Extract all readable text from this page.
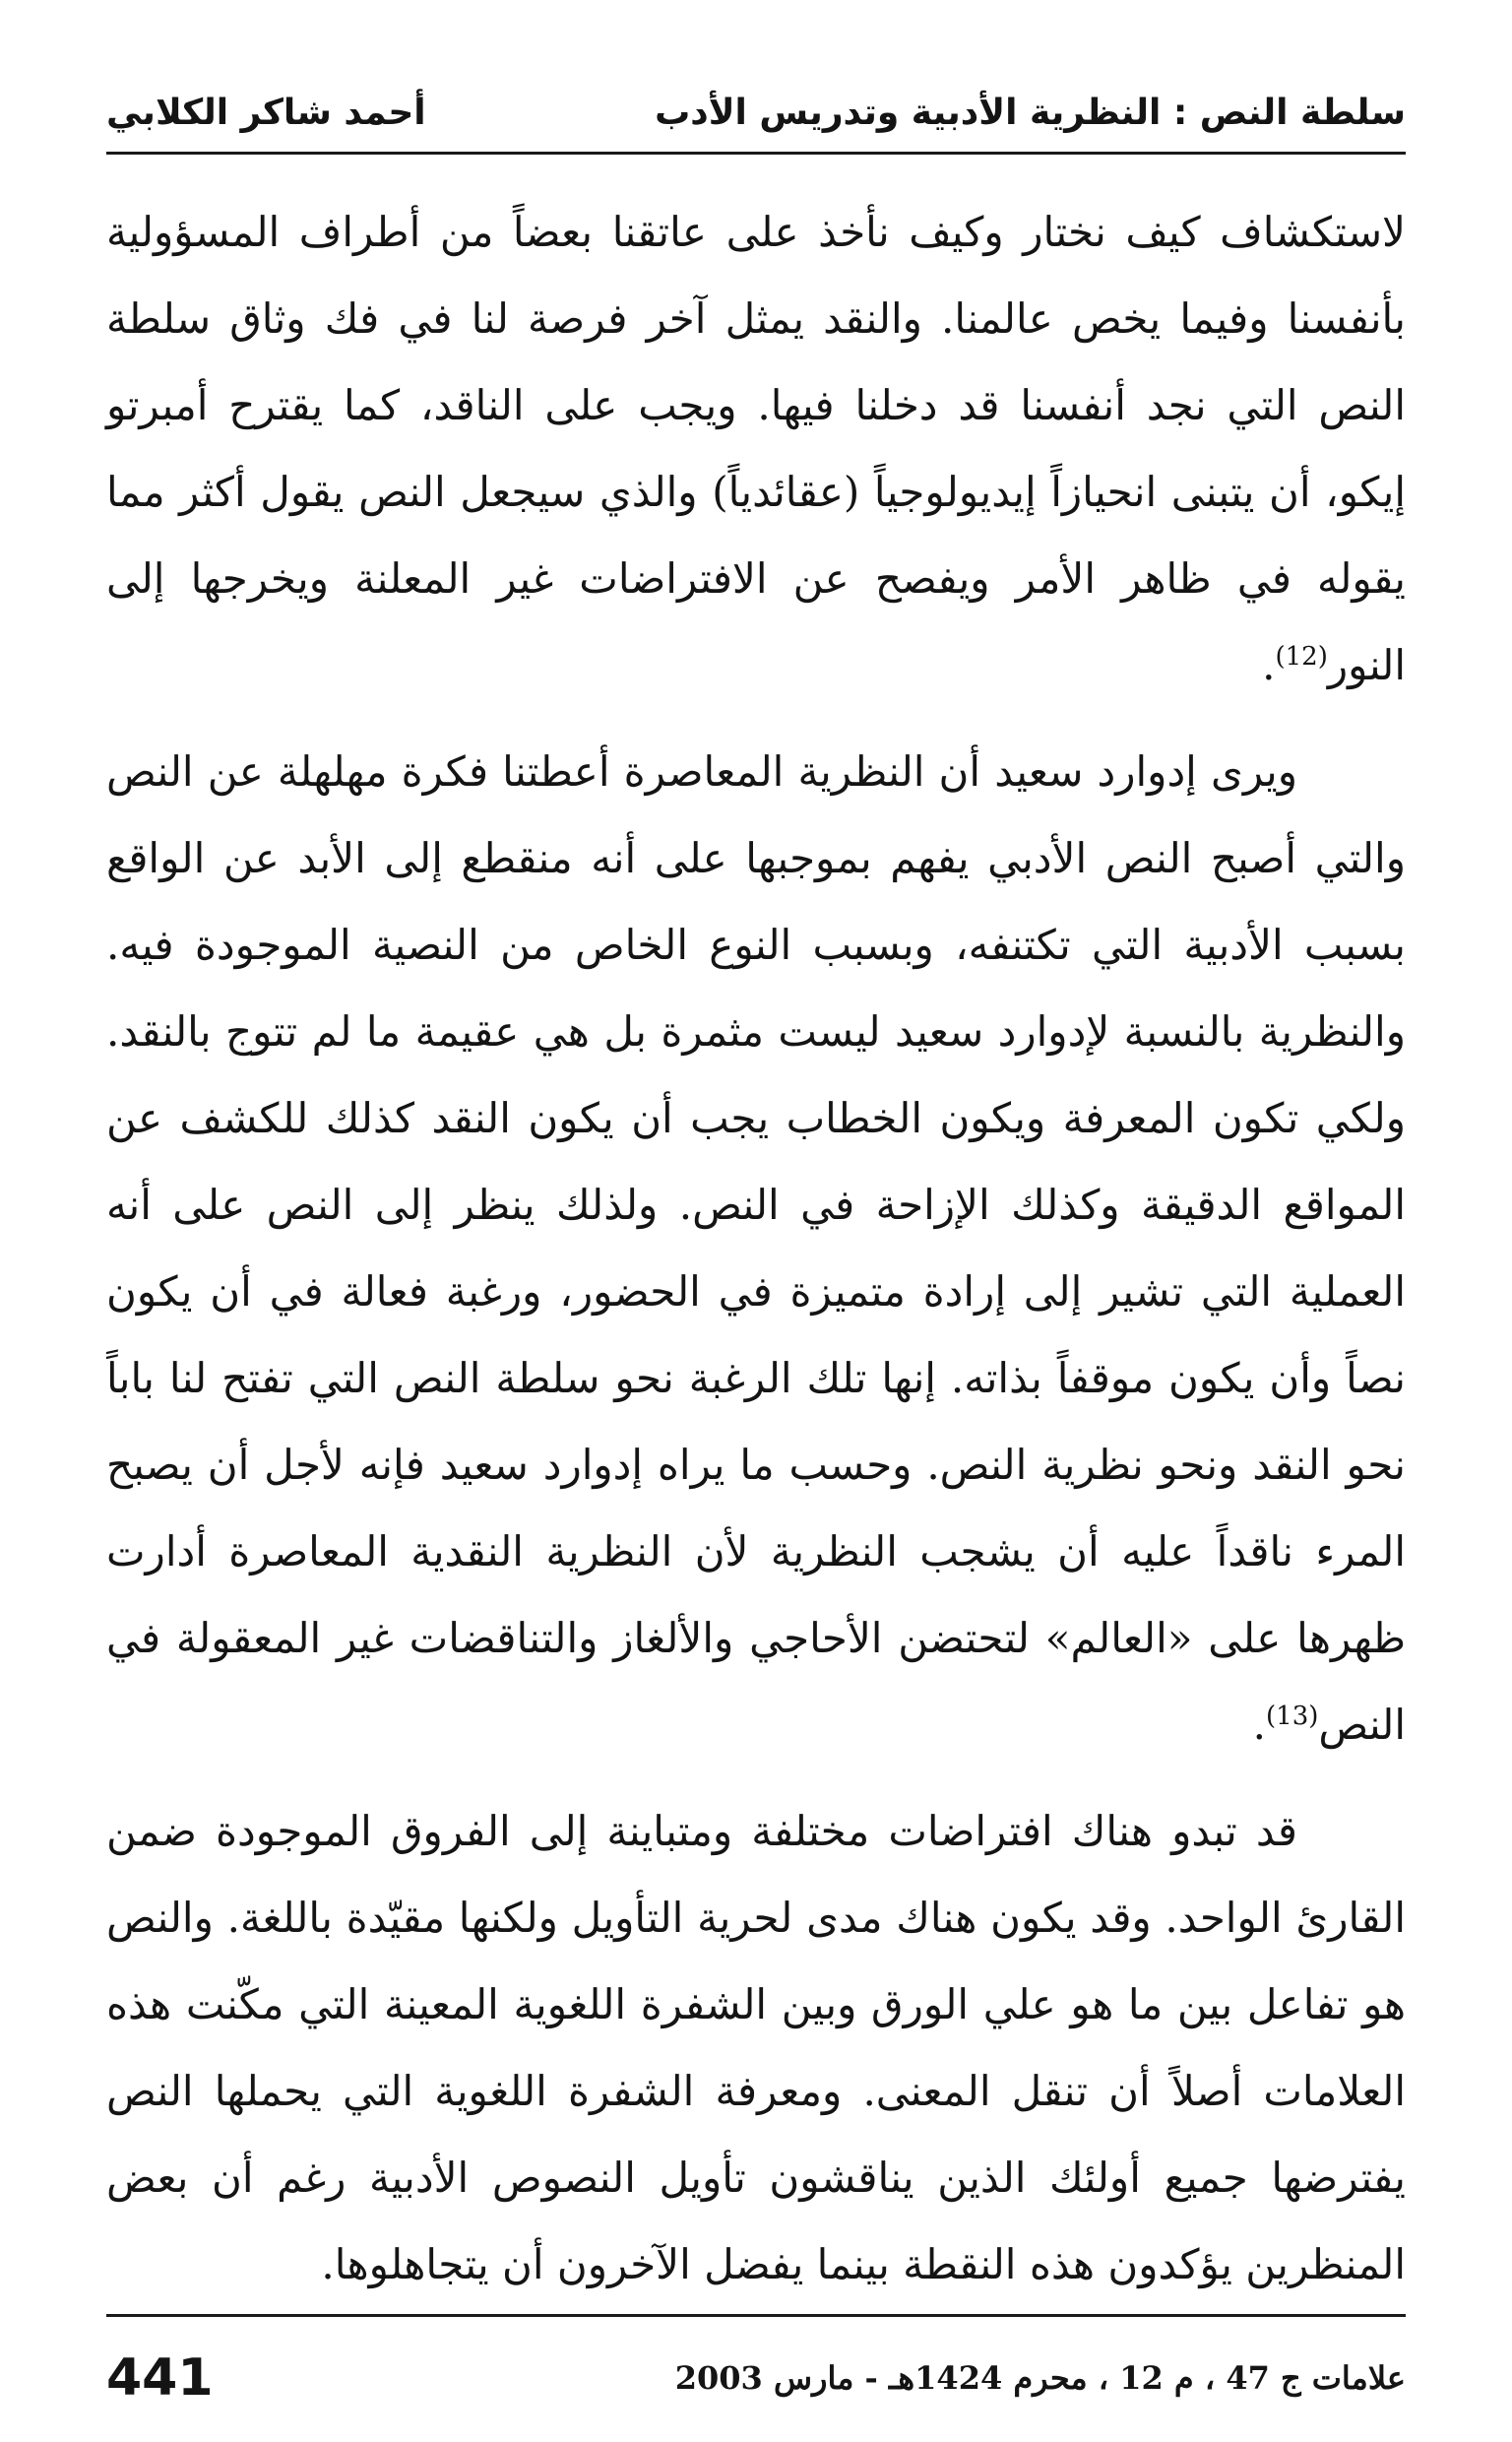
سلطة النص : النظرية الأدبية وتدريس الأدب
أحمد شاكر الكلابي

لاستكشاف كيف نختار وكيف نأخذ على عاتقنا بعضاً من أطراف المسؤولية بأنفسنا وفيما يخص عالمنا. والنقد يمثل آخر فرصة لنا في فك وثاق سلطة النص التي نجد أنفسنا قد دخلنا فيها. ويجب على الناقد، كما يقترح أمبرتو إيكو، أن يتبنى انحيازاً إيديولوجياً (عقائدياً) والذي سيجعل النص يقول أكثر مما يقوله في ظاهر الأمر ويفصح عن الافتراضات غير المعلنة ويخرجها إلى النور$^{(12)}$.

ويرى إدوارد سعيد أن النظرية المعاصرة أعطتنا فكرة مهلهلة عن النص والتي أصبح النص الأدبي يفهم بموجبها على أنه منقطع إلى الأبد عن الواقع بسبب الأدبية التي تكتنفه، وبسبب النوع الخاص من النصية الموجودة فيه. والنظرية بالنسبة لإدوارد سعيد ليست مثمرة بل هي عقيمة ما لم تتوج بالنقد. ولكي تكون المعرفة ويكون الخطاب يجب أن يكون النقد كذلك للكشف عن المواقع الدقيقة وكذلك الإزاحة في النص. ولذلك ينظر إلى النص على أنه العملية التي تشير إلى إرادة متميزة في الحضور، ورغبة فعالة في أن يكون نصاً وأن يكون موقفاً بذاته. إنها تلك الرغبة نحو سلطة النص التي تفتح لنا باباً نحو النقد ونحو نظرية النص. وحسب ما يراه إدوارد سعيد فإنه لأجل أن يصبح المرء ناقداً عليه أن يشجب النظرية لأن النظرية النقدية المعاصرة أدارت ظهرها على «العالم» لتحتضن الأحاجي والألغاز والتناقضات غير المعقولة في النص$^{(13)}$.

قد تبدو هناك افتراضات مختلفة ومتباينة إلى الفروق الموجودة ضمن القارئ الواحد. وقد يكون هناك مدى لحرية التأويل ولكنها مقيّدة باللغة. والنص هو تفاعل بين ما هو علي الورق وبين الشفرة اللغوية المعينة التي مكّنت هذه العلامات أصلاً أن تنقل المعنى. ومعرفة الشفرة اللغوية التي يحملها النص يفترضها جميع أولئك الذين يناقشون تأويل النصوص الأدبية رغم أن بعض المنظرين يؤكدون هذه النقطة بينما يفضل الآخرون أن يتجاهلوها.

علامات ج 47 ، م 12 ، محرم 1424هـ - مارس 2003
441
